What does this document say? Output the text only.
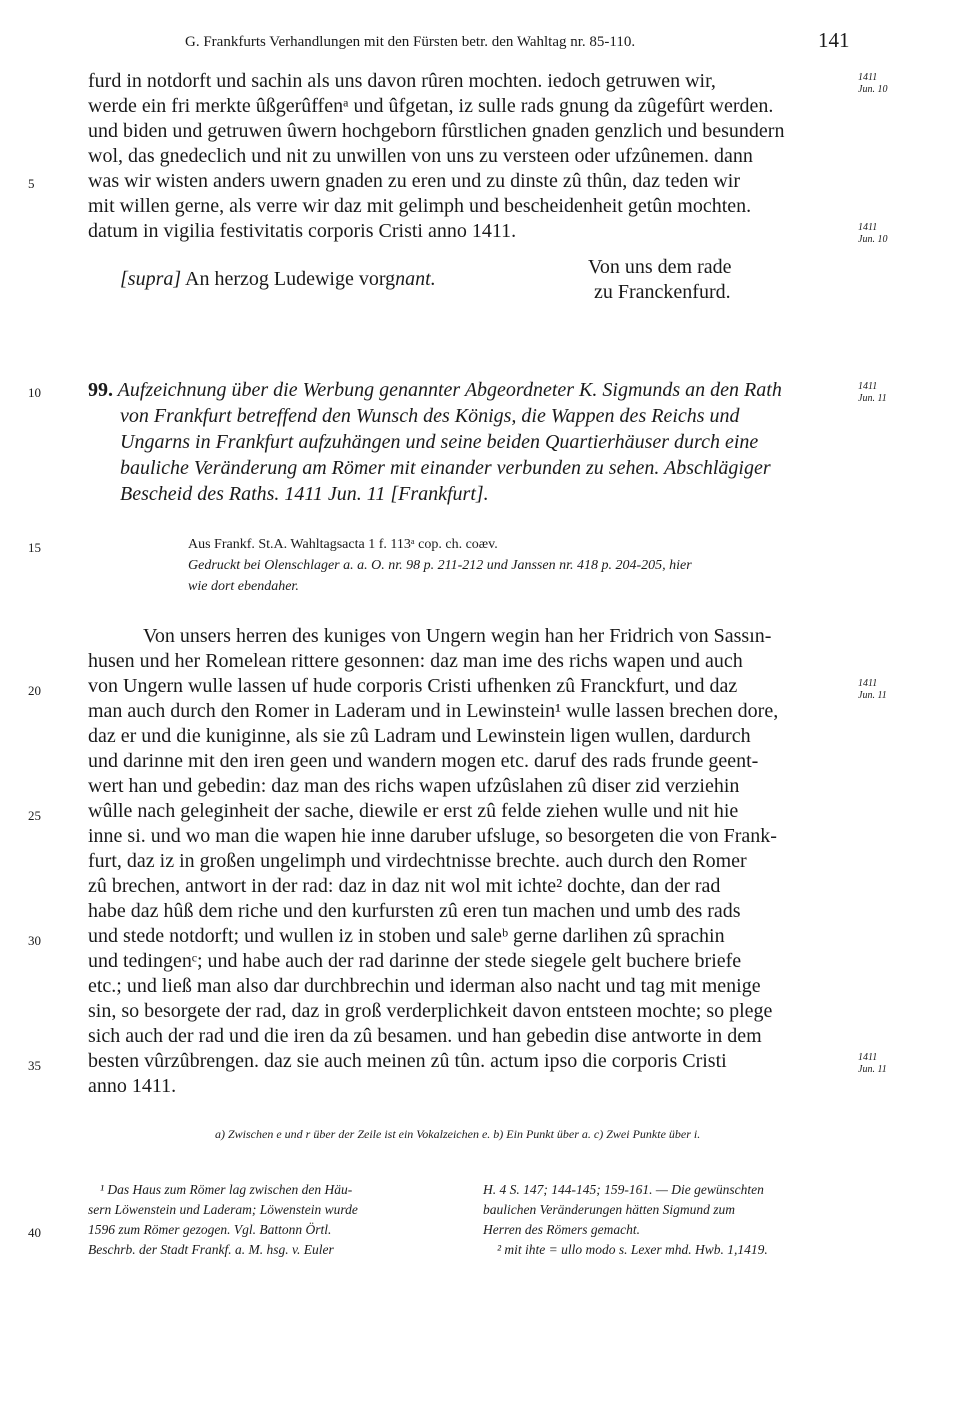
G. Frankfurts Verhandlungen mit den Fürsten betr. den Wahltag nr. 85-110.	141
furd in notdorft und sachin als uns davon rûren mochten. iedoch getruwen wir,
werde ein fri merkte ûßgerûffenᵃ und ûfgetan, iz sulle rads gnung da zûgefûrt werden.
und biden und getruwen ûwern hochgeborn fûrstlichen gnaden genzlich und besundern
wol, das gnedeclich und nit zu unwillen von uns zu versteen oder ufzûnemen. dann
was wir wisten anders uwern gnaden zu eren und zu dinste zû thûn, daz teden wir
mit willen gerne, als verre wir daz mit gelimph und bescheidenheit getûn mochten.
datum in vigilia festivitatis corporis Cristi anno 1411.
5
1411
Jun. 10
1411
Jun. 10
[supra] An herzog Ludewige vorgnant.
Von uns dem rade
zu Franckenfurd.
10 99. Aufzeichnung über die Werbung genannter Abgeordneter K. Sigmunds an den Rath
von Frankfurt betreffend den Wunsch des Königs, die Wappen des Reichs und
Ungarns in Frankfurt aufzuhängen und seine beiden Quartierhäuser durch eine
bauliche Veränderung am Römer mit einander verbunden zu sehen. Abschlägiger
Bescheid des Raths. 1411 Jun. 11 [Frankfurt].
1411
Jun. 11
15	Aus Frankf. St.A. Wahltagsacta 1 f. 113ᵃ cop. ch. coæv.
Gedruckt bei Olenschlager a. a. O. nr. 98 p. 211-212 und Janssen nr. 418 p. 204-205, hier
wie dort ebendaher.
Von unsers herren des kuniges von Ungern wegin han her Fridrich von Sassın-
husen und her Romelean rittere gesonnen: daz man ime des richs wapen und auch
von Ungern wulle lassen uf hude corporis Cristi ufhenken zû Franckfurt, und daz
man auch durch den Romer in Laderam und in Lewinstein¹ wulle lassen brechen dore,
daz er und die kuniginne, als sie zû Ladram und Lewinstein ligen wullen, dardurch
und darinne mit den iren geen und wandern mogen etc. daruf des rads frunde geent-
wert han und gebedin: daz man des richs wapen ufzûslahen zû diser zid verziehin
wûlle nach geleginheit der sache, diewile er erst zû felde ziehen wulle und nit hie
inne si. und wo man die wapen hie inne daruber ufsluge, so besorgeten die von Frank-
furt, daz iz in großen ungelimph und virdechtnisse brechte. auch durch den Romer
zû brechen, antwort in der rad: daz in daz nit wol mit ichte² dochte, dan der rad
habe daz hûß dem riche und den kurfursten zû eren tun machen und umb des rads
und stede notdorft; und wullen iz in stoben und saleᵇ gerne darlihen zû sprachin
und tedingenᶜ; und habe auch der rad darinne der stede siegele gelt buchere briefe
etc.; und ließ man also dar durchbrechin und iderman also nacht und tag mit menige
sin, so besorgete der rad, daz in groß verderplichkeit davon entsteen mochte; so plege
sich auch der rad und die iren da zû besamen. und han gebedin dise antworte in dem
besten vûrzûbrengen. daz sie auch meinen zû tûn. actum ipso die corporis Cristi
anno 1411.
20
25
30
35
1411
Jun. 11
1411
Jun. 11
a) Zwischen e und r über der Zeile ist ein Vokalzeichen e. b) Ein Punkt über a. c) Zwei Punkte über i.
¹ Das Haus zum Römer lag zwischen den Häu-
sern Löwenstein und Laderam; Löwenstein wurde
1596 zum Römer gezogen. Vgl. Battonn Örtl.
Beschrb. der Stadt Frankf. a. M. hsg. v. Euler
40
H. 4 S. 147; 144-145; 159-161. — Die gewünschten
baulichen Veränderungen hätten Sigmund zum
Herren des Römers gemacht.
² mit ihte = ullo modo s. Lexer mhd. Hwb. 1,1419.
